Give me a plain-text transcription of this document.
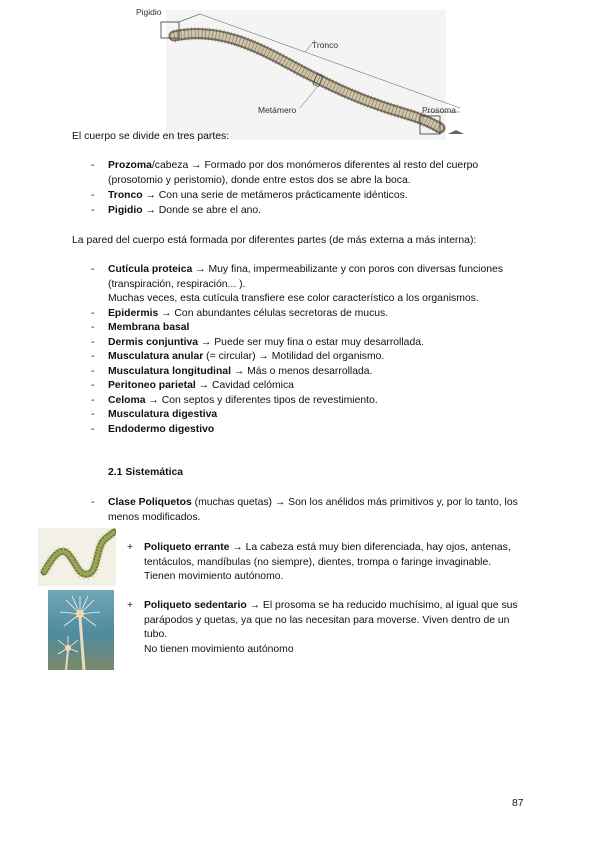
Pigidio
Tronco
Metámero	Prosoma
El cuerpo se divide en tres partes:
- Prozoma/cabeza → Formado por dos monómeros diferentes al resto del cuerpo (prosotomio y peristomio), donde entre estos dos se abre la boca.
- Tronco → Con una serie de metámeros prácticamente idénticos.
- Pigidio → Donde se abre el ano.
La pared del cuerpo está formada por diferentes partes (de más externa a más interna):
- Cutícula proteica → Muy fina, impermeabilizante y con poros con diversas funciones (transpiración, respiración... ).
Muchas veces, esta cutícula transfiere ese color característico a los organismos.
- Epidermis → Con abundantes células secretoras de mucus.
- Membrana basal
- Dermis conjuntiva → Puede ser muy fina o estar muy desarrollada.
- Musculatura anular (= circular) → Motilidad del organismo.
- Musculatura longitudinal → Más o menos desarrollada.
- Peritoneo parietal → Cavidad celómica
- Celoma → Con septos y diferentes tipos de revestimiento.
- Musculatura digestiva
- Endodermo digestivo
2.1 Sistemática
- Clase Poliquetos (muchas quetas) → Son los anélidos más primitivos y, por lo tanto, los menos modificados.
+ Poliqueto errante → La cabeza está muy bien diferenciada, hay ojos, antenas, tentáculos, mandíbulas (no siempre), dientes, trompa o faringe invaginable.
Tienen movimiento autónomo.
+ Poliqueto sedentario → El prosoma se ha reducido muchísimo, al igual que sus parápodos y quetas, ya que no las necesitan para moverse. Viven dentro de un tubo.
No tienen movimiento autónomo
87
